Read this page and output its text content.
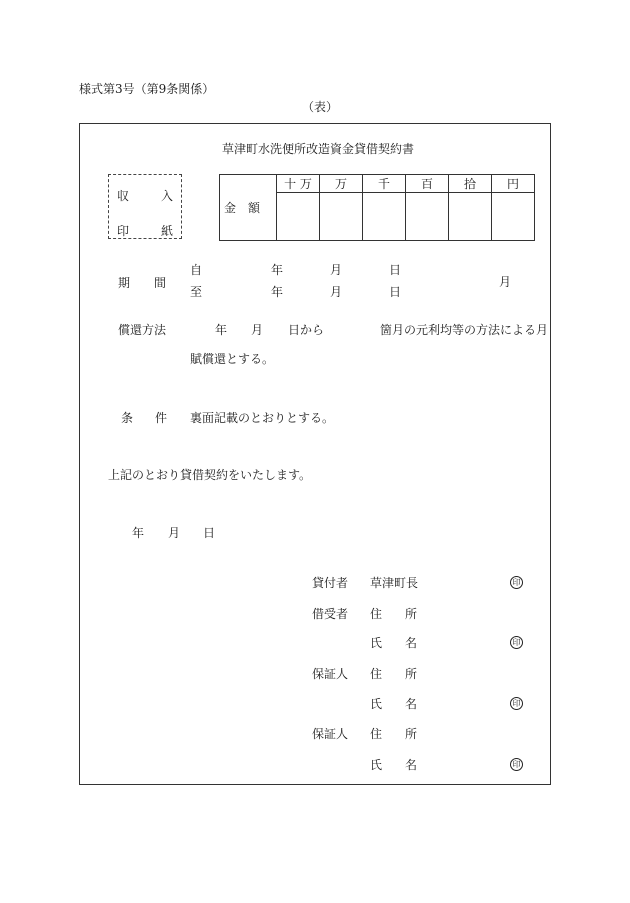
様式第3号（第9条関係）
（表）
草津町水洗便所改造資金貸借契約書
収	入
印	紙
金額	十 万	万	千	百	拾	円

期　間
自	年	月	日
至	年	月	日
月
償還方法	年 月 日から	箇月の元利均等の方法による月
賦償還とする。
条　件 裏面記載のとおりとする。
上記のとおり貸借契約をいたします。
年 月 日
貸付者 草津町長	印
借受者 住 所
氏 名	印
保証人 住 所
氏 名	印
保証人 住 所
氏 名	印
